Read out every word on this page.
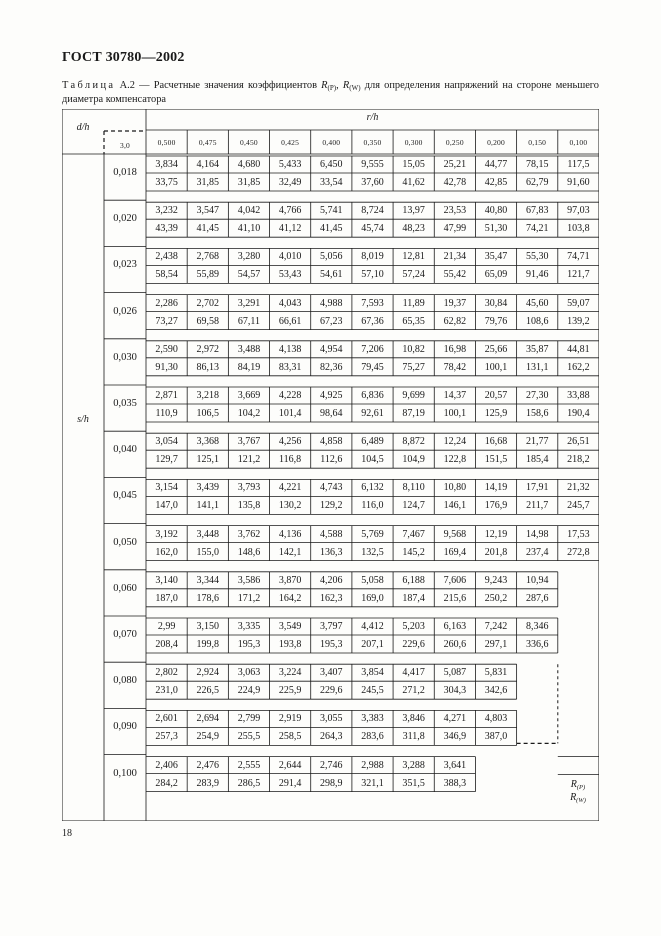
ГОСТ 30780—2002
Таблица А.2 — Расчетные значения коэффициентов $R_{(P)}$, $R_{(W)}$ для определения напряжений на стороне меньшего диаметра компенсатора
d/h
3,0
r/h
s/h
$R_{(P)}$
$R_{(W)}$
0,500	0,475	0,450	0,425	0,400	0,350	0,300	0,250	0,200	0,150	0,100
0,018
3,834	4,164	4,680	5,433	6,450	9,555	15,05	25,21	44,77	78,15	117,5
33,75	31,85	31,85	32,49	33,54	37,60	41,62	42,78	42,85	62,79	91,60
0,020
3,232	3,547	4,042	4,766	5,741	8,724	13,97	23,53	40,80	67,83	97,03
43,39	41,45	41,10	41,12	41,45	45,74	48,23	47,99	51,30	74,21	103,8
0,023
2,438	2,768	3,280	4,010	5,056	8,019	12,81	21,34	35,47	55,30	74,71
58,54	55,89	54,57	53,43	54,61	57,10	57,24	55,42	65,09	91,46	121,7
0,026
2,286	2,702	3,291	4,043	4,988	7,593	11,89	19,37	30,84	45,60	59,07
73,27	69,58	67,11	66,61	67,23	67,36	65,35	62,82	79,76	108,6	139,2
0,030
2,590	2,972	3,488	4,138	4,954	7,206	10,82	16,98	25,66	35,87	44,81
91,30	86,13	84,19	83,31	82,36	79,45	75,27	78,42	100,1	131,1	162,2
0,035
2,871	3,218	3,669	4,228	4,925	6,836	9,699	14,37	20,57	27,30	33,88
110,9	106,5	104,2	101,4	98,64	92,61	87,19	100,1	125,9	158,6	190,4
0,040
3,054	3,368	3,767	4,256	4,858	6,489	8,872	12,24	16,68	21,77	26,51
129,7	125,1	121,2	116,8	112,6	104,5	104,9	122,8	151,5	185,4	218,2
0,045
3,154	3,439	3,793	4,221	4,743	6,132	8,110	10,80	14,19	17,91	21,32
147,0	141,1	135,8	130,2	129,2	116,0	124,7	146,1	176,9	211,7	245,7
0,050
3,192	3,448	3,762	4,136	4,588	5,769	7,467	9,568	12,19	14,98	17,53
162,0	155,0	148,6	142,1	136,3	132,5	145,2	169,4	201,8	237,4	272,8
0,060
3,140	3,344	3,586	3,870	4,206	5,058	6,188	7,606	9,243	10,94
187,0	178,6	171,2	164,2	162,3	169,0	187,4	215,6	250,2	287,6
0,070
2,99	3,150	3,335	3,549	3,797	4,412	5,203	6,163	7,242	8,346
208,4	199,8	195,3	193,8	195,3	207,1	229,6	260,6	297,1	336,6
0,080
2,802	2,924	3,063	3,224	3,407	3,854	4,417	5,087	5,831
231,0	226,5	224,9	225,9	229,6	245,5	271,2	304,3	342,6
0,090
2,601	2,694	2,799	2,919	3,055	3,383	3,846	4,271	4,803
257,3	254,9	255,5	258,5	264,3	283,6	311,8	346,9	387,0
0,100
2,406	2,476	2,555	2,644	2,746	2,988	3,288	3,641
284,2	283,9	286,5	291,4	298,9	321,1	351,5	388,3
18
